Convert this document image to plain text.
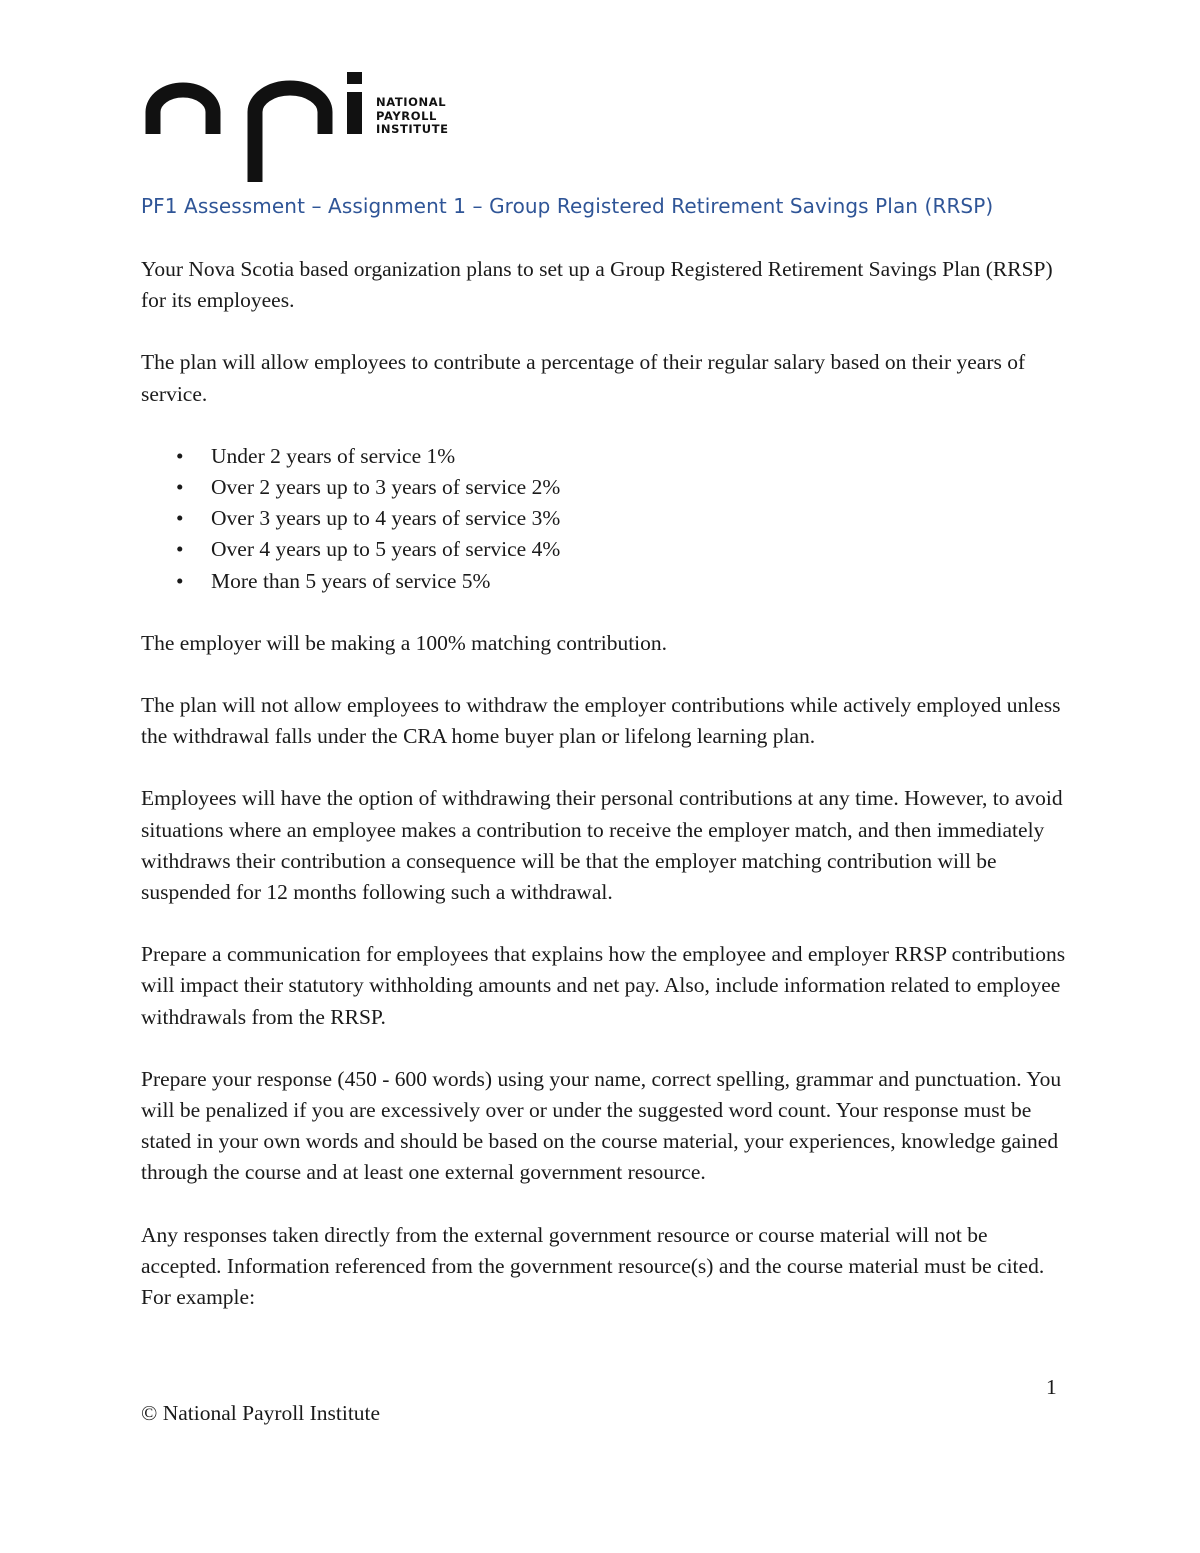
NATIONAL
PAYROLL
INSTITUTE
PF1 Assessment – Assignment 1 – Group Registered Retirement Savings Plan (RRSP)

Your Nova Scotia based organization plans to set up a Group Registered Retirement Savings Plan (RRSP) for its employees.

The plan will allow employees to contribute a percentage of their regular salary based on their years of service.

• Under 2 years of service 1%
• Over 2 years up to 3 years of service 2%
• Over 3 years up to 4 years of service 3%
• Over 4 years up to 5 years of service 4%
• More than 5 years of service 5%

The employer will be making a 100% matching contribution.

The plan will not allow employees to withdraw the employer contributions while actively employed unless the withdrawal falls under the CRA home buyer plan or lifelong learning plan.

Employees will have the option of withdrawing their personal contributions at any time. However, to avoid situations where an employee makes a contribution to receive the employer match, and then immediately withdraws their contribution a consequence will be that the employer matching contribution will be suspended for 12 months following such a withdrawal.

Prepare a communication for employees that explains how the employee and employer RRSP contributions will impact their statutory withholding amounts and net pay. Also, include information related to employee withdrawals from the RRSP.

Prepare your response (450 - 600 words) using your name, correct spelling, grammar and punctuation. You will be penalized if you are excessively over or under the suggested word count. Your response must be stated in your own words and should be based on the course material, your experiences, knowledge gained through the course and at least one external government resource.

Any responses taken directly from the external government resource or course material will not be accepted. Information referenced from the government resource(s) and the course material must be cited. For example:

1
© National Payroll Institute
